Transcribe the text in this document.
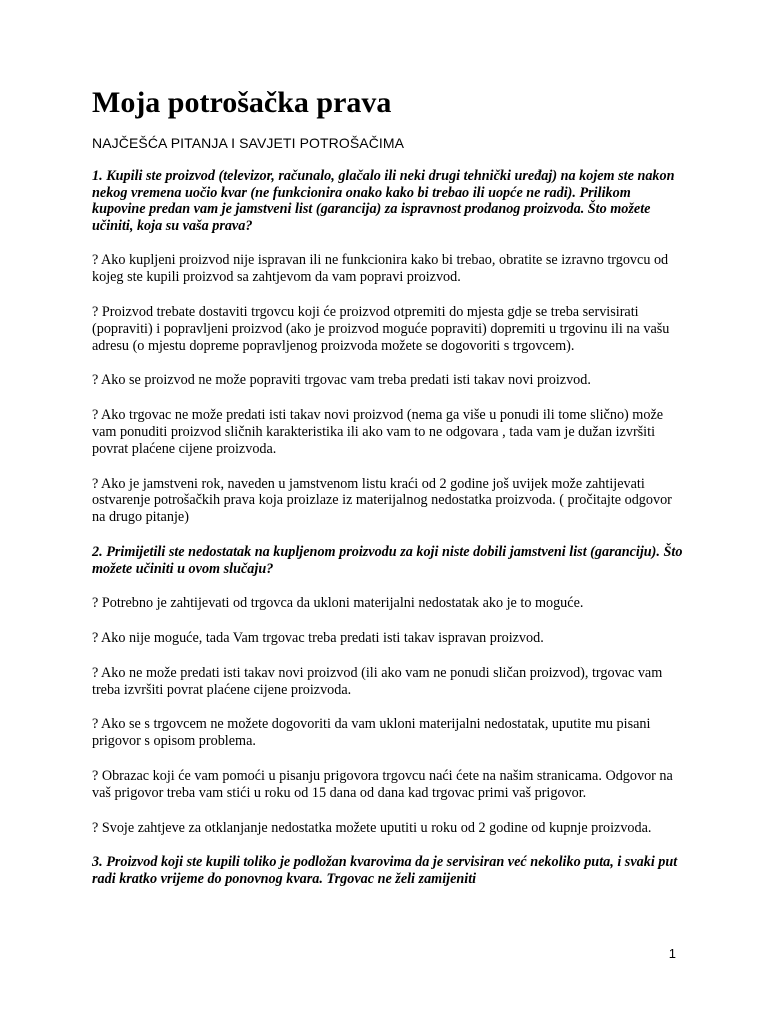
Moja potrošačka prava
NAJČEŠĆA PITANJA I SAVJETI POTROŠAČIMA
1. Kupili ste proizvod (televizor, računalo, glačalo ili neki drugi tehnički uređaj) na kojem ste nakon nekog vremena uočio kvar (ne funkcionira onako kako bi trebao ili uopće ne radi). Prilikom kupovine predan vam je jamstveni list (garancija) za ispravnost prodanog proizvoda. Što možete učiniti, koja su vaša prava?
? Ako kupljeni proizvod nije ispravan ili ne funkcionira kako bi trebao, obratite se izravno trgovcu od kojeg ste kupili proizvod sa zahtjevom da vam popravi proizvod.
? Proizvod trebate dostaviti trgovcu koji će proizvod otpremiti do mjesta gdje se treba servisirati (popraviti) i popravljeni proizvod (ako je proizvod moguće popraviti) dopremiti u trgovinu ili na vašu adresu (o mjestu dopreme popravljenog proizvoda možete se dogovoriti s trgovcem).
? Ako se proizvod ne može popraviti trgovac vam treba predati isti takav novi proizvod.
? Ako trgovac ne može predati isti takav novi proizvod (nema ga više u ponudi ili tome slično) može vam ponuditi proizvod sličnih karakteristika ili ako vam to ne odgovara , tada vam je dužan izvršiti povrat plaćene cijene proizvoda.
? Ako je jamstveni rok, naveden u jamstvenom listu kraći od 2 godine još uvijek može zahtijevati ostvarenje potrošačkih prava koja proizlaze iz materijalnog nedostatka proizvoda. ( pročitajte odgovor na drugo pitanje)
2. Primijetili ste nedostatak na kupljenom proizvodu za koji niste dobili jamstveni list (garanciju). Što možete učiniti u ovom slučaju?
? Potrebno je zahtijevati od trgovca da ukloni materijalni nedostatak ako je to moguće.
? Ako nije moguće, tada Vam trgovac treba predati isti takav ispravan proizvod.
? Ako ne može predati isti takav novi proizvod (ili ako vam ne ponudi sličan proizvod), trgovac vam treba izvršiti povrat plaćene cijene proizvoda.
? Ako se s trgovcem ne možete dogovoriti da vam ukloni materijalni nedostatak, uputite mu pisani prigovor s opisom problema.
? Obrazac koji će vam pomoći u pisanju prigovora trgovcu naći ćete na našim stranicama. Odgovor na vaš prigovor treba vam stići u roku od 15 dana od dana kad trgovac primi vaš prigovor.
? Svoje zahtjeve za otklanjanje nedostatka možete uputiti u roku od 2 godine od kupnje proizvoda.
3. Proizvod koji ste kupili toliko je podložan kvarovima da je servisiran već nekoliko puta, i svaki put radi kratko vrijeme do ponovnog kvara. Trgovac ne želi zamijeniti
1
